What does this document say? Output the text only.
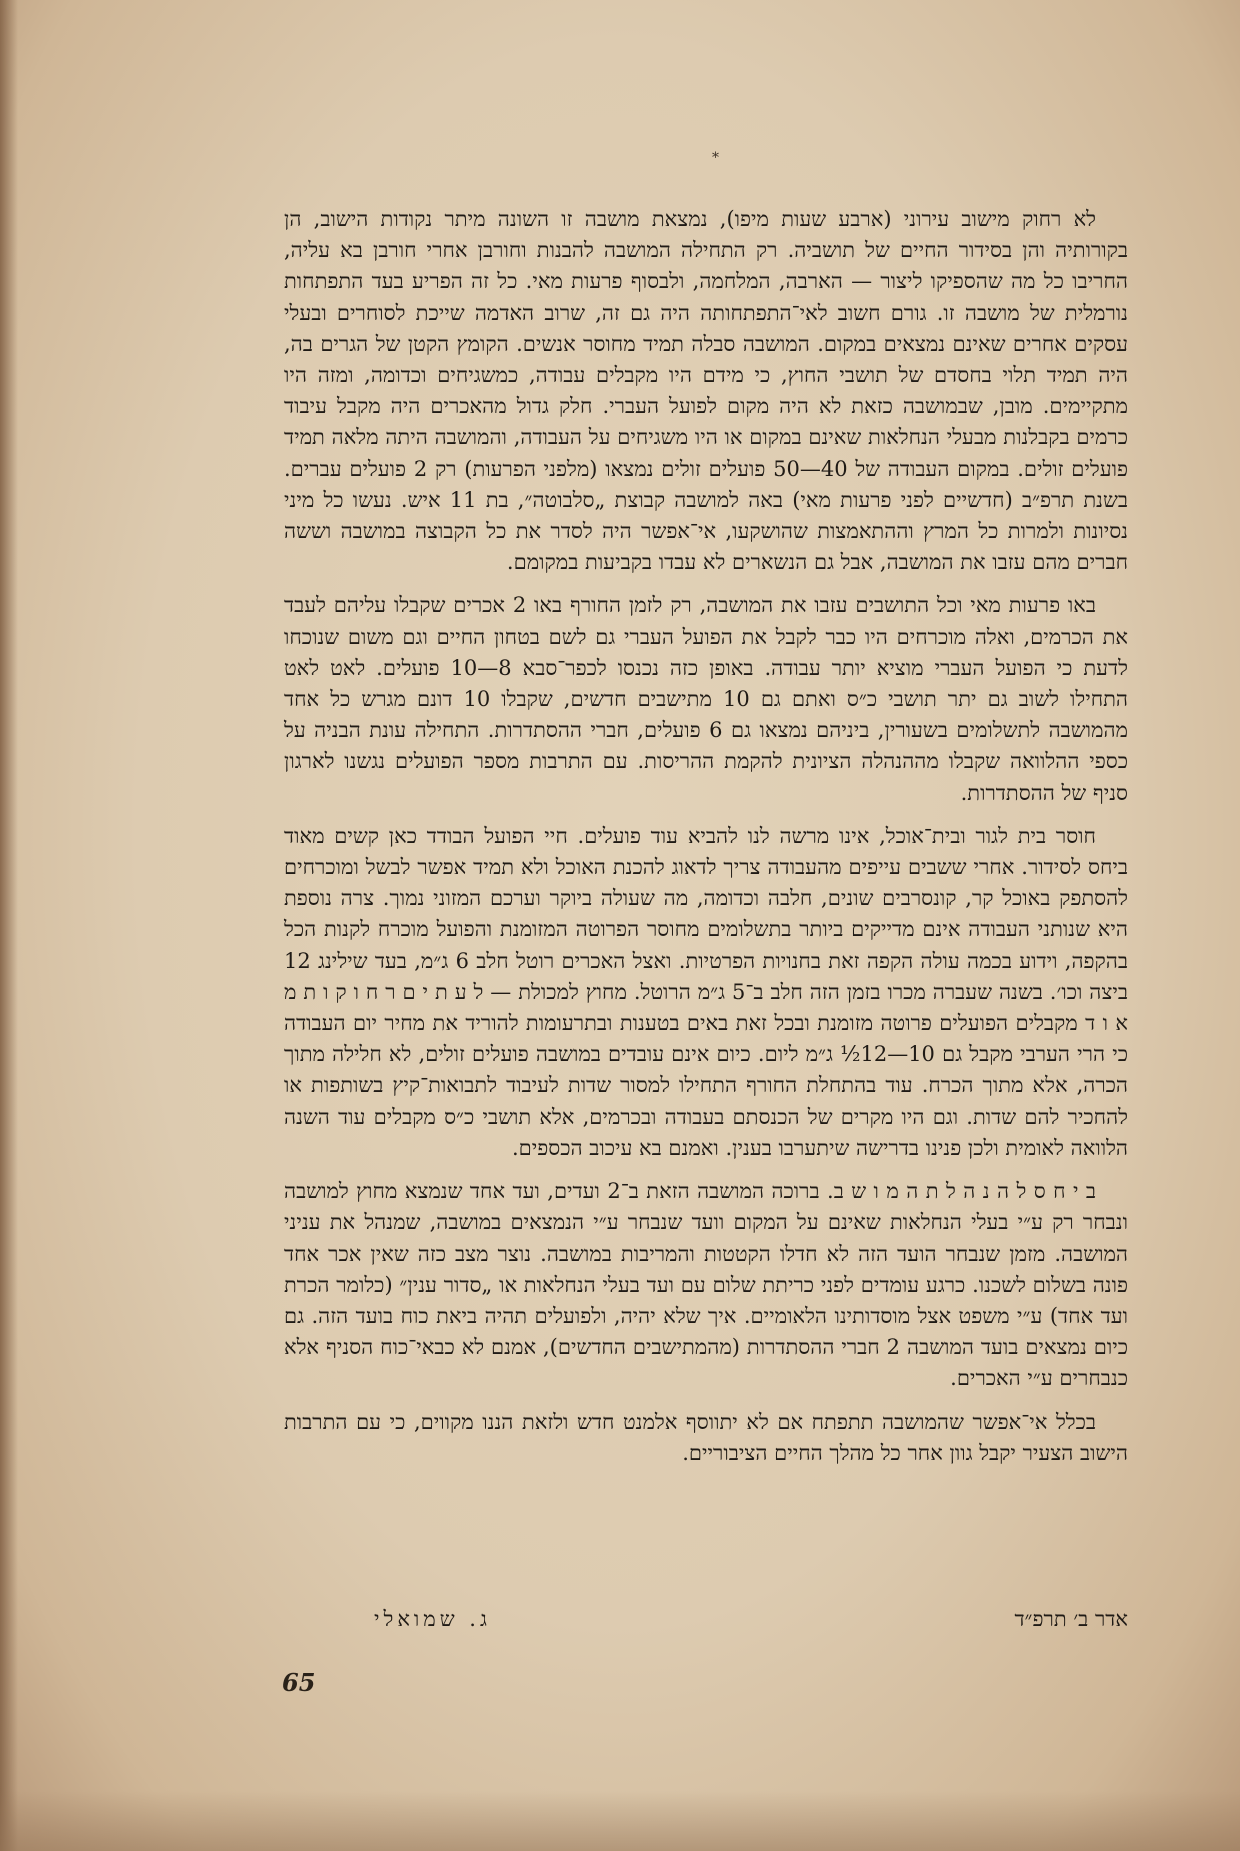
*

לא רחוק מישוב עירוני (ארבע שעות מיפו), נמצאת מושבה זו השונה מיתר נקודות הישוב, הן בקורותיה והן בסידור החיים של תושביה. רק התחילה המושבה להבנות וחורבן אחרי חורבן בא עליה, החריבו כל מה שהספיקו ליצור — הארבה, המלחמה, ולבסוף פרעות מאי. כל זה הפריע בעד התפתחות נורמלית של מושבה זו. גורם חשוב לאי־התפתחותה היה גם זה, שרוב האדמה שייכת לסוחרים ובעלי עסקים אחרים שאינם נמצאים במקום. המושבה סבלה תמיד מחוסר אנשים. הקומץ הקטן של הגרים בה, היה תמיד תלוי בחסדם של תושבי החוץ, כי מידם היו מקבלים עבודה, כמשגיחים וכדומה, ומזה היו מתקיימים. מובן, שבמושבה כזאת לא היה מקום לפועל העברי. חלק גדול מהאכרים היה מקבל עיבוד כרמים בקבלנות מבעלי הנחלאות שאינם במקום או היו משגיחים על העבודה, והמושבה היתה מלאה תמיד פועלים זולים. במקום העבודה של 40—50 פועלים זולים נמצאו (מלפני הפרעות) רק 2 פועלים עברים. בשנת תרפ״ב (חדשיים לפני פרעות מאי) באה למושבה קבוצת „סלבוטה״, בת 11 איש. נעשו כל מיני נסיונות ולמרות כל המרץ וההתאמצות שהושקעו, אי־אפשר היה לסדר את כל הקבוצה במושבה וששה חברים מהם עזבו את המושבה, אבל גם הנשארים לא עבדו בקביעות במקומם.

באו פרעות מאי וכל התושבים עזבו את המושבה, רק לזמן החורף באו 2 אכרים שקבלו עליהם לעבד את הכרמים, ואלה מוכרחים היו כבר לקבל את הפועל העברי גם לשם בטחון החיים וגם משום שנוכחו לדעת כי הפועל העברי מוציא יותר עבודה. באופן כזה נכנסו לכפר־סבא 8—10 פועלים. לאט לאט התחילו לשוב גם יתר תושבי כ״ס ואתם גם 10 מתישבים חדשים, שקבלו 10 דונם מגרש כל אחד מהמושבה לתשלומים בשעורין, ביניהם נמצאו גם 6 פועלים, חברי ההסתדרות. התחילה עונת הבניה על כספי ההלוואה שקבלו מההנהלה הציונית להקמת ההריסות. עם התרבות מספר הפועלים נגשנו לארגון סניף של ההסתדרות.

חוסר בית לגור ובית־אוכל, אינו מרשה לנו להביא עוד פועלים. חיי הפועל הבודד כאן קשים מאוד ביחס לסידור. אחרי ששבים עייפים מהעבודה צריך לדאוג להכנת האוכל ולא תמיד אפשר לבשל ומוכרחים להסתפק באוכל קר, קונסרבים שונים, חלבה וכדומה, מה שעולה ביוקר וערכם המזוני נמוך. צרה נוספת היא שנותני העבודה אינם מדייקים ביותר בתשלומים מחוסר הפרוטה המזומנת והפועל מוכרח לקנות הכל בהקפה, וידוע בכמה עולה הקפה זאת בחנויות הפרטיות. ואצל האכרים רוטל חלב 6 ג״מ, בעד שילינג 12 ביצה וכו׳. בשנה שעברה מכרו בזמן הזה חלב ב־5 ג״מ הרוטל. מחוץ למכולת — ל ע ת י ם ר ח ו ק ו ת מ א ו ד מקבלים הפועלים פרוטה מזומנת ובכל זאת באים בטענות ובתרעומות להוריד את מחיר יום העבודה כי הרי הערבי מקבל גם 10—12½ ג״מ ליום. כיום אינם עובדים במושבה פועלים זולים, לא חלילה מתוך הכרה, אלא מתוך הכרח. עוד בהתחלת החורף התחילו למסור שדות לעיבוד לתבואות־קיץ בשותפות או להחכיר להם שדות. וגם היו מקרים של הכנסתם בעבודה ובכרמים, אלא תושבי כ״ס מקבלים עוד השנה הלוואה לאומית ולכן פנינו בדרישה שיתערבו בענין. ואמנם בא עיכוב הכספים.

ב י ח ס ל ה נ ה ל ת ה מ ו ש ב. ברוכה המושבה הזאת ב־2 ועדים, ועד אחד שנמצא מחוץ למושבה ונבחר רק ע״י בעלי הנחלאות שאינם על המקום וועד שנבחר ע״י הנמצאים במושבה, שמנהל את עניני המושבה. מזמן שנבחר הועד הזה לא חדלו הקטטות והמריבות במושבה. נוצר מצב כזה שאין אכר אחד פונה בשלום לשכנו. כרגע עומדים לפני כריתת שלום עם ועד בעלי הנחלאות או „סדור ענין״ (כלומר הכרת ועד אחד) ע״י משפט אצל מוסדותינו הלאומיים. איך שלא יהיה, ולפועלים תהיה ביאת כוח בועד הזה. גם כיום נמצאים בועד המושבה 2 חברי ההסתדרות (מהמתישבים החדשים), אמנם לא כבאי־כוח הסניף אלא כנבחרים ע״י האכרים.

בכלל אי־אפשר שהמושבה תתפתח אם לא יתווסף אלמנט חדש ולזאת הננו מקווים, כי עם התרבות הישוב הצעיר יקבל גוון אחר כל מהלך החיים הציבוריים.

אדר ב׳ תרפ״ד
ג. שמואלי
65
